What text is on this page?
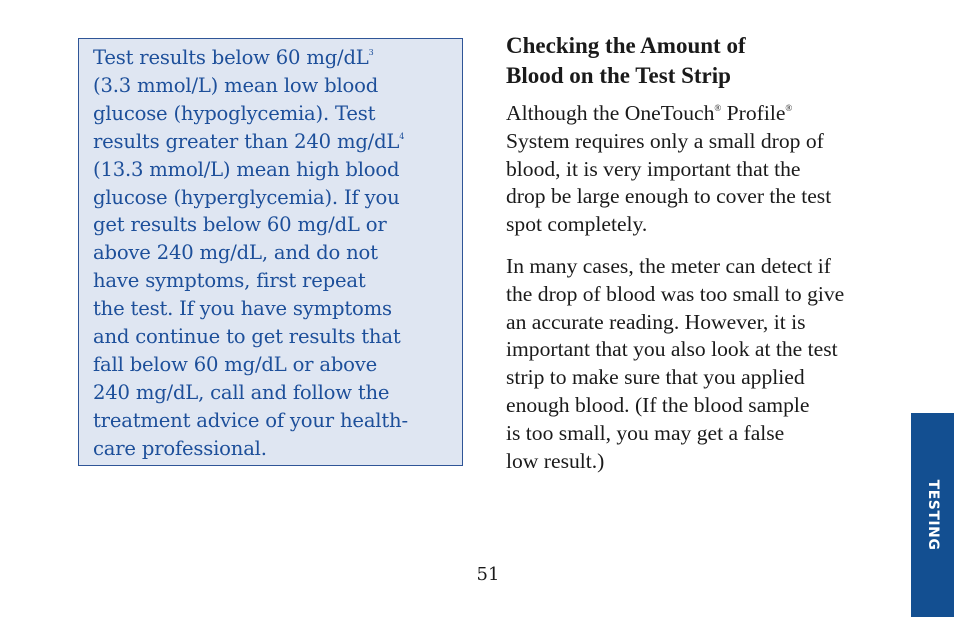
Test results below 60 $mg/dL^3$
(3.3 mmol/L) mean low blood
glucose (hypoglycemia). Test
results greater than 240 $mg/dL^4$
(13.3 mmol/L) mean high blood
glucose (hyperglycemia). If you
get results below 60 mg/dL or
above 240 mg/dL, and do not
have symptoms, first repeat
the test. If you have symptoms
and continue to get results that
fall below 60 mg/dL or above
240 mg/dL, call and follow the
treatment advice of your health-
care professional.
Checking the Amount of
Blood on the Test Strip

Although the OneTouch® Profile®
System requires only a small drop of
blood, it is very important that the
drop be large enough to cover the test
spot completely.

In many cases, the meter can detect if
the drop of blood was too small to give
an accurate reading. However, it is
important that you also look at the test
strip to make sure that you applied
enough blood. (If the blood sample
is too small, you may get a false
low result.)

51
TESTING
